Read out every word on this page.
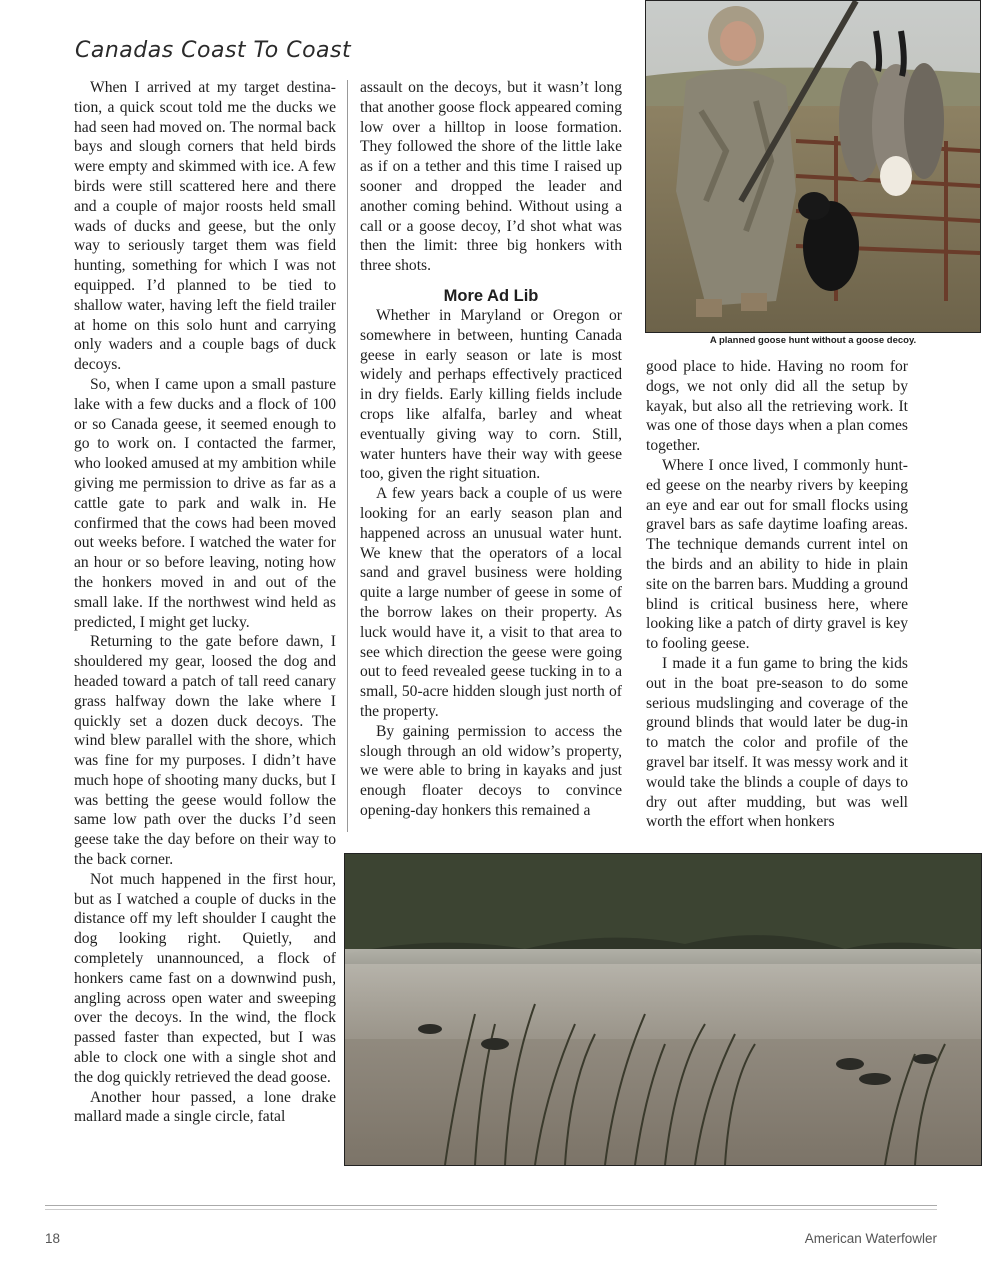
Canadas Coast To Coast

When I arrived at my target destination, a quick scout told me the ducks we had seen had moved on. The normal back bays and slough corners that held birds were empty and skimmed with ice. A few birds were still scattered here and there and a couple of major roosts held small wads of ducks and geese, but the only way to seriously target them was field hunting, something for which I was not equipped. I’d planned to be tied to shallow water, having left the field trailer at home on this solo hunt and carrying only waders and a couple bags of duck decoys.

So, when I came upon a small pasture lake with a few ducks and a flock of 100 or so Canada geese, it seemed enough to go to work on. I contacted the farmer, who looked amused at my ambition while giving me permission to drive as far as a cattle gate to park and walk in. He confirmed that the cows had been moved out weeks before. I watched the water for an hour or so before leaving, noting how the honkers moved in and out of the small lake. If the northwest wind held as predicted, I might get lucky.

Returning to the gate before dawn, I shouldered my gear, loosed the dog and headed toward a patch of tall reed canary grass halfway down the lake where I quickly set a dozen duck decoys. The wind blew parallel with the shore, which was fine for my purposes. I didn’t have much hope of shooting many ducks, but I was betting the geese would follow the same low path over the ducks I’d seen geese take the day before on their way to the back corner.

Not much happened in the first hour, but as I watched a couple of ducks in the distance off my left shoulder I caught the dog looking right. Quietly, and completely unannounced, a flock of honkers came fast on a downwind push, angling across open water and sweeping over the decoys. In the wind, the flock passed faster than expected, but I was able to clock one with a single shot and the dog quickly retrieved the dead goose.

Another hour passed, a lone drake mallard made a single circle, fatal

assault on the decoys, but it wasn’t long that another goose flock appeared coming low over a hilltop in loose formation. They followed the shore of the little lake as if on a tether and this time I raised up sooner and dropped the leader and another coming behind. Without using a call or a goose decoy, I’d shot what was then the limit: three big honkers with three shots.

More Ad Lib

Whether in Maryland or Oregon or somewhere in between, hunting Canada geese in early season or late is most widely and perhaps effectively practiced in dry fields. Early killing fields include crops like alfalfa, barley and wheat eventually giving way to corn. Still, water hunters have their way with geese too, given the right situation.

A few years back a couple of us were looking for an early season plan and happened across an unusual water hunt. We knew that the operators of a local sand and gravel business were holding quite a large number of geese in some of the borrow lakes on their property. As luck would have it, a visit to that area to see which direction the geese were going out to feed revealed geese tucking in to a small, 50-acre hidden slough just north of the property.

By gaining permission to access the slough through an old widow’s property, we were able to bring in kayaks and just enough floater decoys to convince opening-day honkers this remained a

good place to hide. Having no room for dogs, we not only did all the setup by kayak, but also all the retrieving work. It was one of those days when a plan comes together.

Where I once lived, I commonly hunted geese on the nearby rivers by keeping an eye and ear out for small flocks using gravel bars as safe daytime loafing areas. The technique demands current intel on the birds and an ability to hide in plain site on the barren bars. Mudding a ground blind is critical business here, where looking like a patch of dirty gravel is key to fooling geese.

I made it a fun game to bring the kids out in the boat pre-season to do some serious mudslinging and coverage of the ground blinds that would later be dug-in to match the color and profile of the gravel bar itself. It was messy work and it would take the blinds a couple of days to dry out after mudding, but was well worth the effort when honkers

A planned goose hunt without a goose decoy.
18	American Waterfowler
